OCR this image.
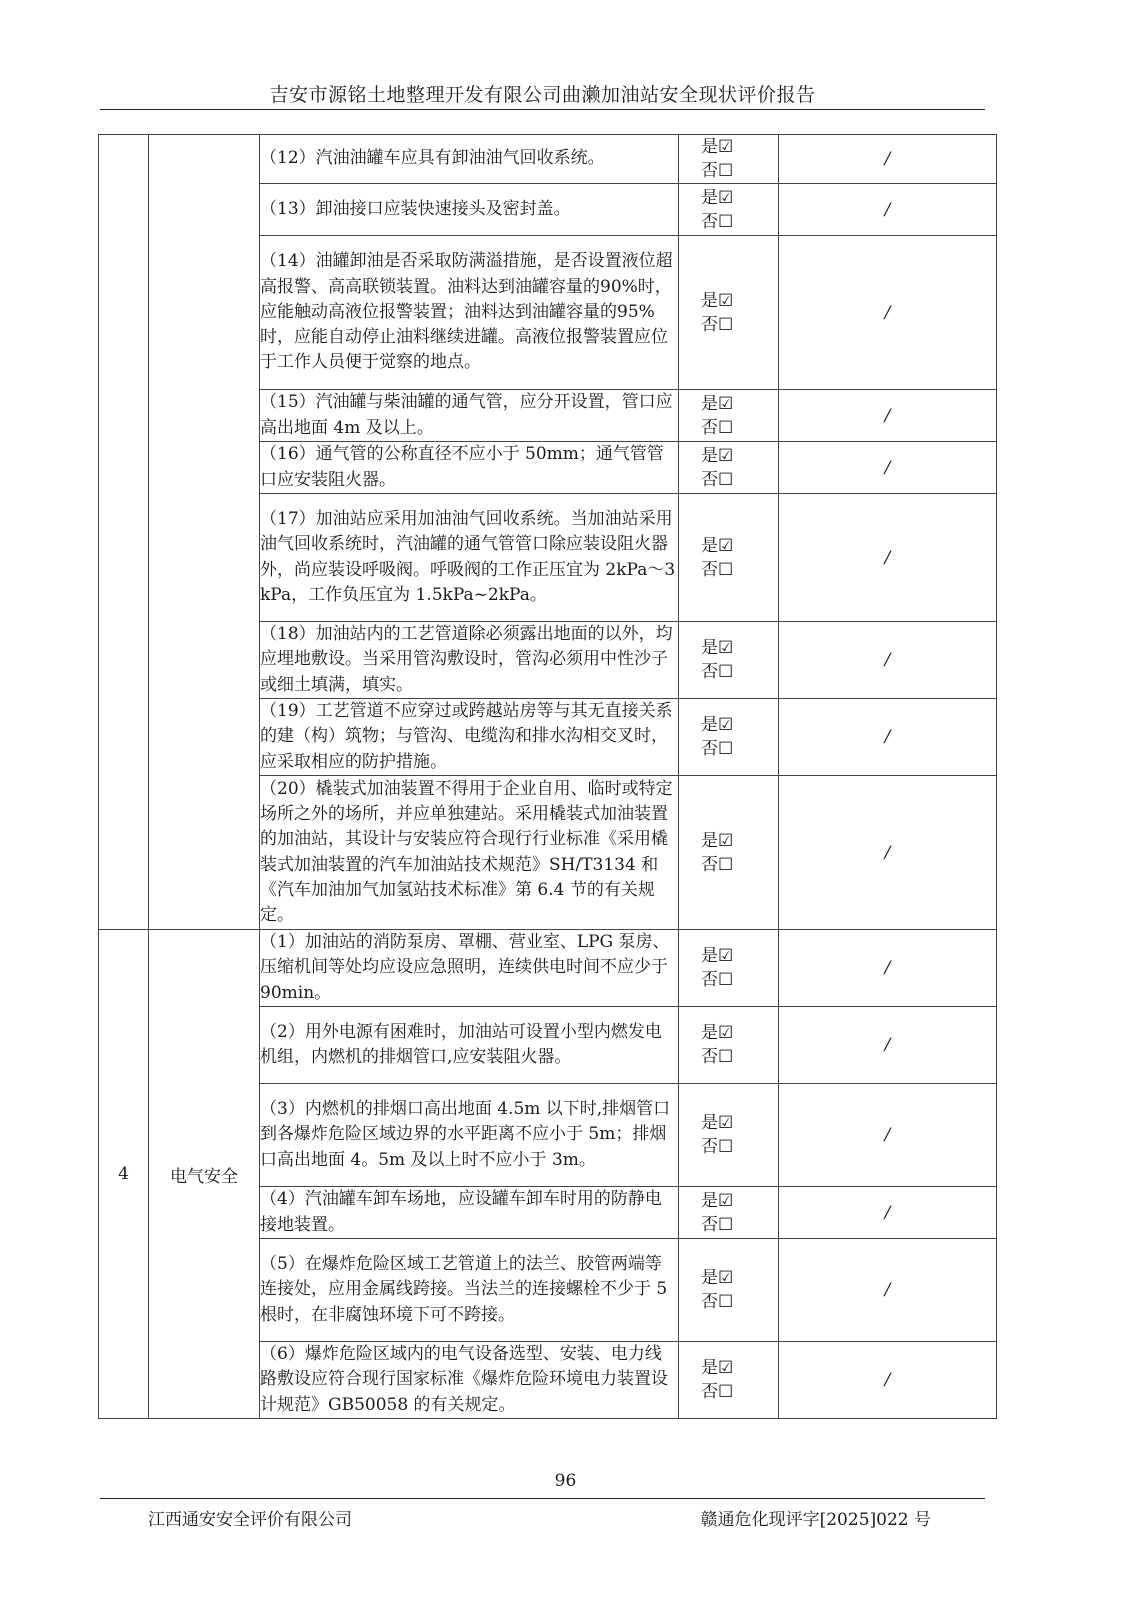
吉安市源铭土地整理开发有限公司曲濑加油站安全现状评价报告
		（12）汽油油罐车应具有卸油油气回收系统。	是☑
否☐	/
		（13）卸油接口应装快速接头及密封盖。	是☑
否☐	/
		（14）油罐卸油是否采取防满溢措施，是否设置液位超高报警、高高联锁装置。油料达到油罐容量的90%时，应能触动高液位报警装置；油料达到油罐容量的95%时，应能自动停止油料继续进罐。高液位报警装置应位于工作人员便于觉察的地点。	是☑
否☐	/
		（15）汽油罐与柴油罐的通气管，应分开设置，管口应高出地面 4m 及以上。	是☑
否☐	/
		（16）通气管的公称直径不应小于 50mm；通气管管口应安装阻火器。	是☑
否☐	/
		（17）加油站应采用加油油气回收系统。当加油站采用油气回收系统时，汽油罐的通气管管口除应装设阻火器外，尚应装设呼吸阀。呼吸阀的工作正压宜为 2kPa～3kPa，工作负压宜为 1.5kPa~2kPa。	是☑
否☐	/
		（18）加油站内的工艺管道除必须露出地面的以外，均应埋地敷设。当采用管沟敷设时，管沟必须用中性沙子或细土填满，填实。	是☑
否☐	/
		（19）工艺管道不应穿过或跨越站房等与其无直接关系的建（构）筑物；与管沟、电缆沟和排水沟相交叉时，应采取相应的防护措施。	是☑
否☐	/
		（20）橇装式加油装置不得用于企业自用、临时或特定场所之外的场所，并应单独建站。采用橇装式加油装置的加油站，其设计与安装应符合现行行业标准《采用橇装式加油装置的汽车加油站技术规范》SH/T3134 和《汽车加油加气加氢站技术标准》第 6.4 节的有关规定。	是☑
否☐	/
4	电气安全	（1）加油站的消防泵房、罩棚、营业室、LPG 泵房、压缩机间等处均应设应急照明，连续供电时间不应少于 90min。	是☑
否☐	/
		（2）用外电源有困难时，加油站可设置小型内燃发电机组，内燃机的排烟管口,应安装阻火器。	是☑
否☐	/
		（3）内燃机的排烟口高出地面 4.5m 以下时,排烟管口到各爆炸危险区域边界的水平距离不应小于 5m；排烟口高出地面 4。5m 及以上时不应小于 3m。	是☑
否☐	/
		（4）汽油罐车卸车场地，应设罐车卸车时用的防静电接地装置。	是☑
否☐	/
		（5）在爆炸危险区域工艺管道上的法兰、胶管两端等连接处，应用金属线跨接。当法兰的连接螺栓不少于 5 根时，在非腐蚀环境下可不跨接。	是☑
否☐	/
		（6）爆炸危险区域内的电气设备选型、安装、电力线路敷设应符合现行国家标准《爆炸危险环境电力装置设计规范》GB50058 的有关规定。	是☑
否☐	/
96
江西通安安全评价有限公司	赣通危化现评字[2025]022 号
